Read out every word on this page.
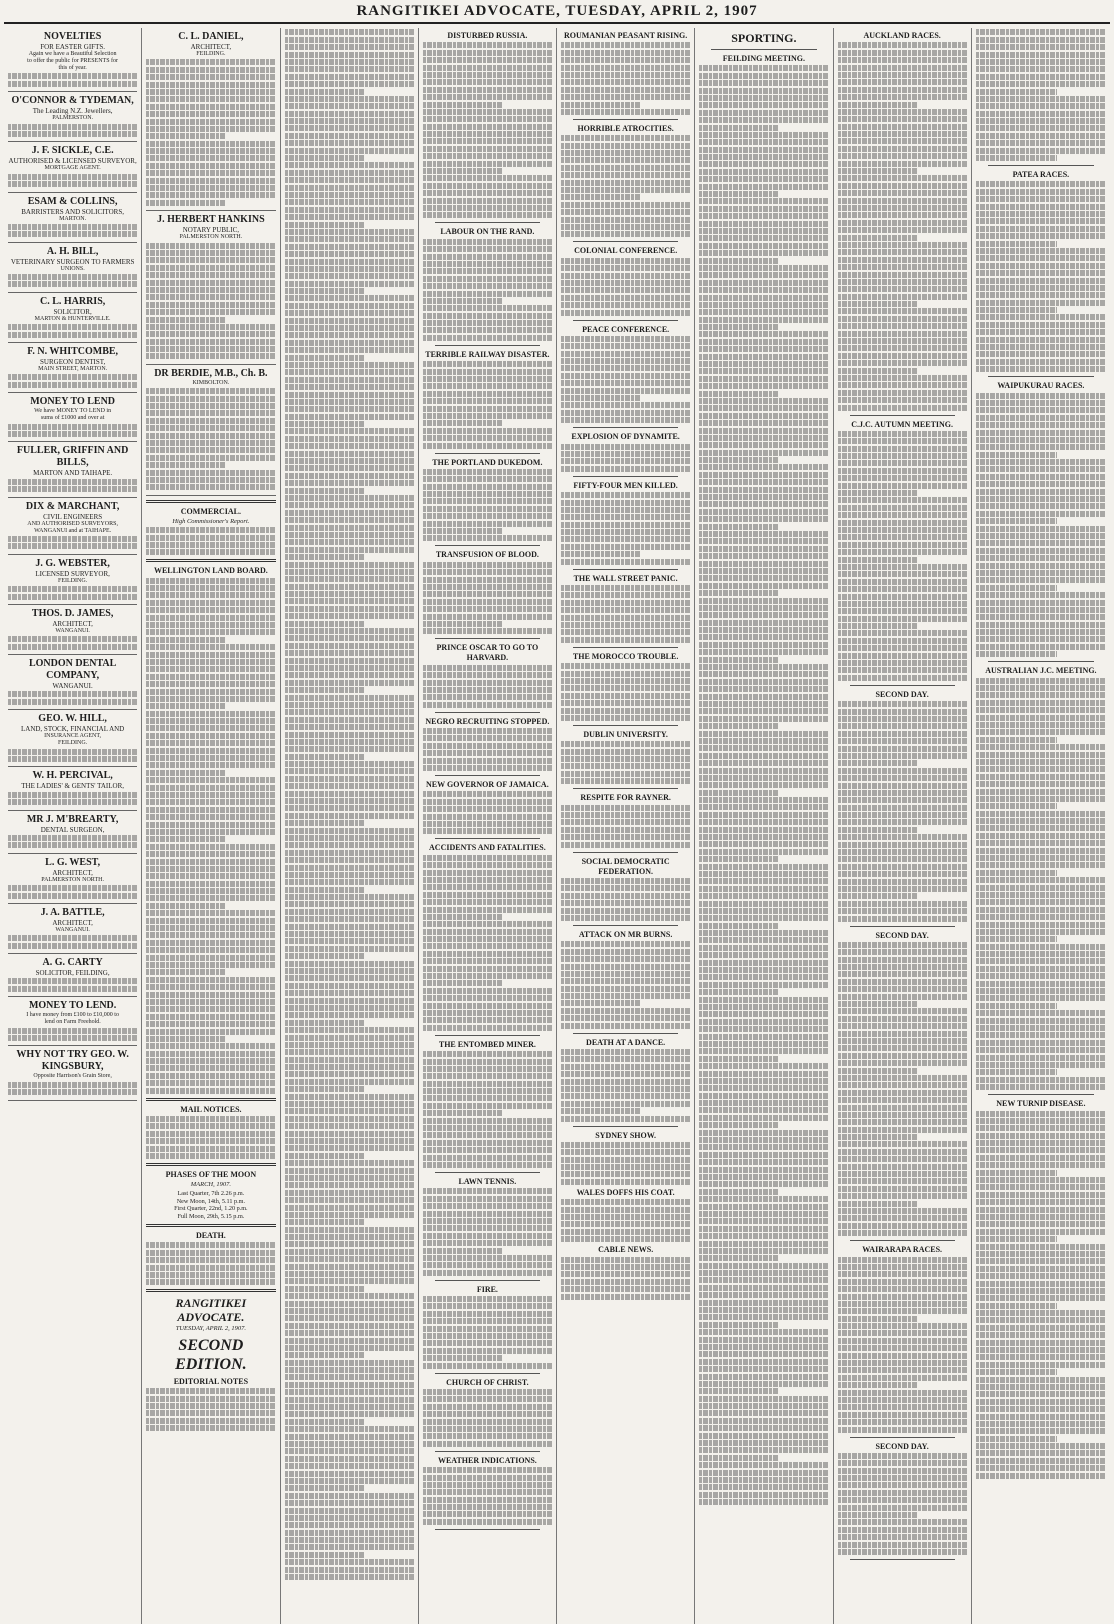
RANGITIKEI ADVOCATE, TUESDAY, APRIL 2, 1907
NOVELTIES
FOR EASTER GIFTS.
Again we have a Beautiful Selection
to offer the public for PRESENTS for
this of year.

O'CONNOR & TYDEMAN,
The Leading N.Z. Jewellers,
PALMERSTON.

J. F. SICKLE, C.E.
AUTHORISED & LICENSED SURVEYOR,
MORTGAGE AGENT.

ESAM & COLLINS,
BARRISTERS AND SOLICITORS,
MARTON.

A. H. BILL,
VETERINARY SURGEON TO FARMERS
UNIONS.

C. L. HARRIS,
SOLICITOR,
MARTON & HUNTERVILLE.

F. N. WHITCOMBE,
SURGEON DENTIST,
MAIN STREET, MARTON.

MONEY TO LEND
We have MONEY TO LEND in
sums of £1000 and over at

FULLER, GRIFFIN AND BILLS,
MARTON AND TAIHAPE.

DIX & MARCHANT,
CIVIL ENGINEERS
AND AUTHORISED SURVEYORS,
WANGANUI and at TAIHAPE.

J. G. WEBSTER,
LICENSED SURVEYOR,
FEILDING.

THOS. D. JAMES,
ARCHITECT,
WANGANUI.

LONDON DENTAL COMPANY,
WANGANUI.

GEO. W. HILL,
LAND, STOCK, FINANCIAL AND
INSURANCE AGENT,
FEILDING.

W. H. PERCIVAL,
THE LADIES' & GENTS' TAILOR,

MR J. M'BREARTY,
DENTAL SURGEON,

L. G. WEST,
ARCHITECT,
PALMERSTON NORTH.

J. A. BATTLE,
ARCHITECT,
WANGANUI.

A. G. CARTY
SOLICITOR, FEILDING,

MONEY TO LEND.
I have money from £100 to £10,000 to
lend on Farm Freehold.

WHY NOT TRY GEO. W. KINGSBURY,
Opposite Harrison's Grain Store,

C. L. DANIEL,
ARCHITECT,
FEILDING.

J. HERBERT HANKINS
NOTARY PUBLIC,
PALMERSTON NORTH.

DR BERDIE, M.B., Ch. B.
KIMBOLTON.

COMMERCIAL.
High Commissioner's Report.

WELLINGTON LAND BOARD.

MAIL NOTICES.

PHASES OF THE MOON
MARCH, 1907.
Last Quarter, 7th 2.26 p.m.
New Moon, 14th, 5.11 p.m.
First Quarter, 22nd, 1.20 p.m.
Full Moon, 29th, 5.15 p.m.
DEATH.

RANGITIKEI ADVOCATE.
TUESDAY, APRIL 2, 1907.
SECOND EDITION.
EDITORIAL NOTES

DISTURBED RUSSIA.

LABOUR ON THE RAND.

TERRIBLE RAILWAY DISASTER.

THE PORTLAND DUKEDOM.

TRANSFUSION OF BLOOD.

PRINCE OSCAR TO GO TO HARVARD.

NEGRO RECRUITING STOPPED.

NEW GOVERNOR OF JAMAICA.

ACCIDENTS AND FATALITIES.

THE ENTOMBED MINER.

LAWN TENNIS.

FIRE.

CHURCH OF CHRIST.

WEATHER INDICATIONS.

ROUMANIAN PEASANT RISING.

HORRIBLE ATROCITIES.

COLONIAL CONFERENCE.

PEACE CONFERENCE.

EXPLOSION OF DYNAMITE.

FIFTY-FOUR MEN KILLED.

THE WALL STREET PANIC.

THE MOROCCO TROUBLE.

DUBLIN UNIVERSITY.

RESPITE FOR RAYNER.

SOCIAL DEMOCRATIC FEDERATION.

ATTACK ON MR BURNS.

DEATH AT A DANCE.

SYDNEY SHOW.

WALES DOFFS HIS COAT.

CABLE NEWS.

SPORTING.
FEILDING MEETING.

AUCKLAND RACES.

C.J.C. AUTUMN MEETING.

SECOND DAY.

SECOND DAY.

WAIRARAPA RACES.

SECOND DAY.

PATEA RACES.

WAIPUKURAU RACES.

AUSTRALIAN J.C. MEETING.

NEW TURNIP DISEASE.
